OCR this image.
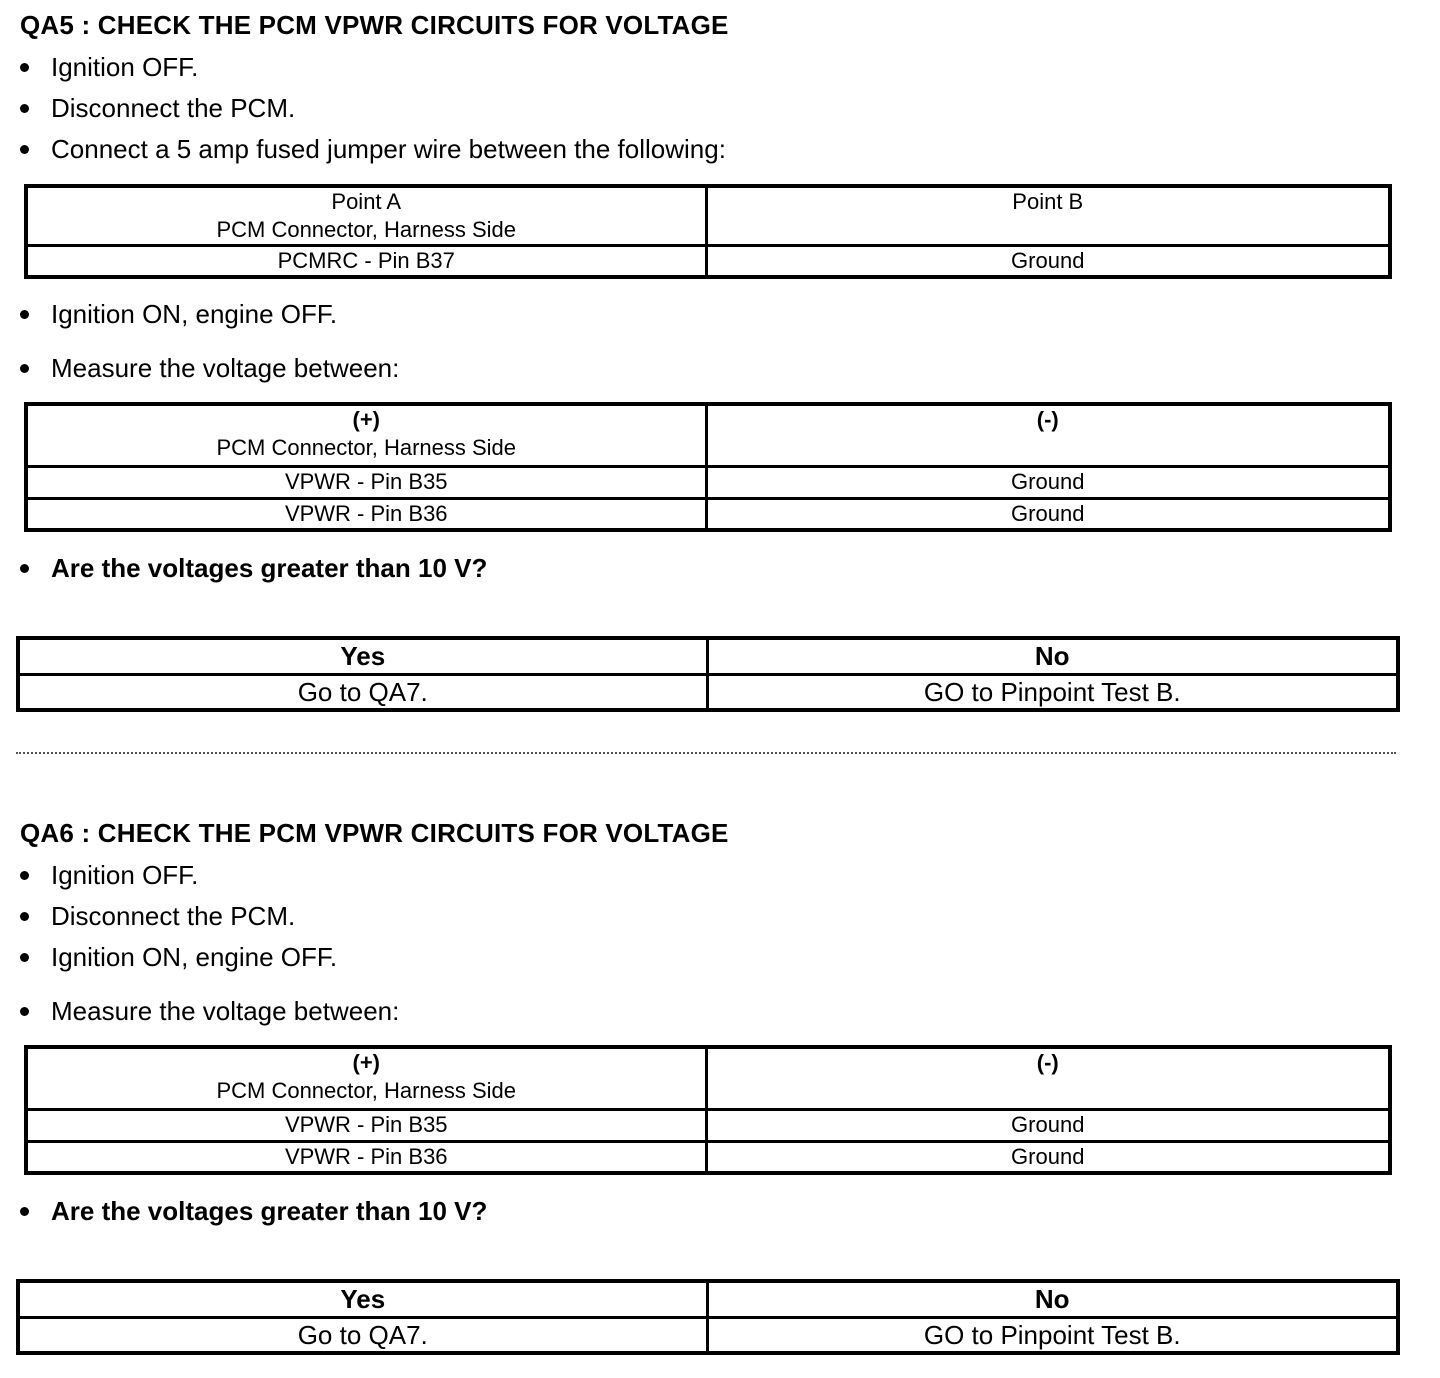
QA5 : CHECK THE PCM VPWR CIRCUITS FOR VOLTAGE
Ignition OFF.
Disconnect the PCM.
Connect a 5 amp fused jumper wire between the following:
Point A
PCM Connector, Harness Side	Point B
PCMRC - Pin B37	Ground
Ignition ON, engine OFF.
Measure the voltage between:
(+)
PCM Connector, Harness Side	(-)
VPWR - Pin B35	Ground
VPWR - Pin B36	Ground
Are the voltages greater than 10 V?
Yes	No
Go to QA7.	GO to Pinpoint Test B.
QA6 : CHECK THE PCM VPWR CIRCUITS FOR VOLTAGE
Ignition OFF.
Disconnect the PCM.
Ignition ON, engine OFF.
Measure the voltage between:
(+)
PCM Connector, Harness Side	(-)
VPWR - Pin B35	Ground
VPWR - Pin B36	Ground
Are the voltages greater than 10 V?
Yes	No
Go to QA7.	GO to Pinpoint Test B.
